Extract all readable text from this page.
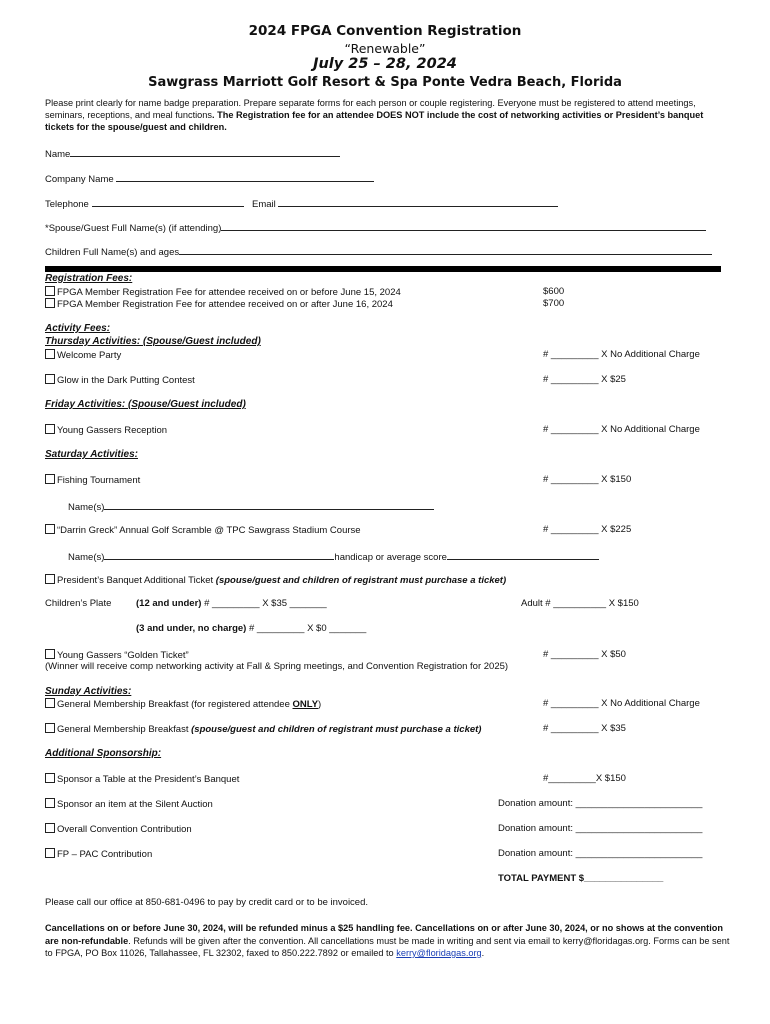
2024 FPGA Convention Registration
“Renewable”
July 25 – 28, 2024
Sawgrass Marriott Golf Resort & Spa Ponte Vedra Beach, Florida
Please print clearly for name badge preparation. Prepare separate forms for each person or couple registering. Everyone must be registered to attend meetings, seminars, receptions, and meal functions. The Registration fee for an attendee DOES NOT include the cost of networking activities or President’s banquet tickets for the spouse/guest and children.
Name
Company Name
Telephone	Email
*Spouse/Guest Full Name(s) (if attending)
Children Full Name(s) and ages
Registration Fees:
FPGA Member Registration Fee for attendee received on or before June 15, 2024	$600
FPGA Member Registration Fee for attendee received on or after June 16, 2024	$700
Activity Fees:
Thursday Activities: (Spouse/Guest included)
Welcome Party	# _________ X No Additional Charge
Glow in the Dark Putting Contest	# _________ X $25
Friday Activities: (Spouse/Guest included)
Young Gassers Reception	# _________ X No Additional Charge
Saturday Activities:
Fishing Tournament	# _________ X $150
Name(s)
“Darrin Greck” Annual Golf Scramble @ TPC Sawgrass Stadium Course	# _________ X $225
Name(s)	handicap or average score
President’s Banquet Additional Ticket (spouse/guest and children of registrant must purchase a ticket)
Children’s Plate	(12 and under) # _________ X $35 _______	Adult # __________ X $150
(3 and under, no charge) # _________ X $0 _______
Young Gassers “Golden Ticket”	# _________ X $50
(Winner will receive comp networking activity at Fall & Spring meetings, and Convention Registration for 2025)
Sunday Activities:
General Membership Breakfast (for registered attendee ONLY)	# _________ X No Additional Charge
General Membership Breakfast (spouse/guest and children of registrant must purchase a ticket)	# _________ X $35
Additional Sponsorship:
Sponsor a Table at the President’s Banquet	#_________X $150
Sponsor an item at the Silent Auction	Donation amount: ________________________
Overall Convention Contribution	Donation amount: ________________________
FP – PAC Contribution	Donation amount: ________________________
TOTAL PAYMENT $_______________
Please call our office at 850-681-0496 to pay by credit card or to be invoiced.
Cancellations on or before June 30, 2024, will be refunded minus a $25 handling fee. Cancellations on or after June 30, 2024, or no shows at the convention are non-refundable. Refunds will be given after the convention. All cancellations must be made in writing and sent via email to kerry@floridagas.org. Forms can be sent to FPGA, PO Box 11026, Tallahassee, FL 32302, faxed to 850.222.7892 or emailed to kerry@floridagas.org.
